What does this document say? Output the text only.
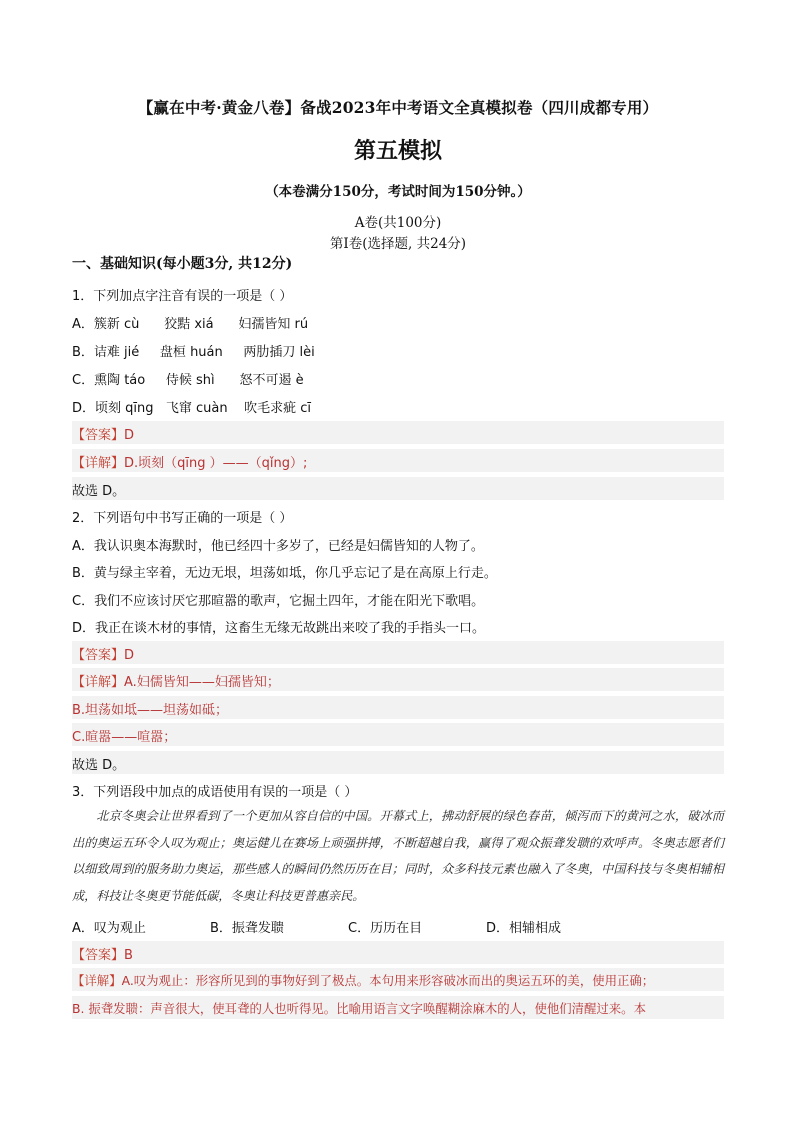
【赢在中考·黄金八卷】备战2023年中考语文全真模拟卷（四川成都专用）
第五模拟
（本卷满分150分，考试时间为150分钟。）
A卷(共100分)
第Ⅰ卷(选择题, 共24分)
一、基础知识(每小题3分, 共12分)
1．下列加点字注音有误的一项是（ ）
A．簇新 cù      狡黠 xiá      妇孺皆知 rú
B．诘难 jié     盘桓 huán     两肋插刀 lèi
C．熏陶 táo     侍候 shì      怒不可遏 è
D．顷刻 qīng   飞窜 cuàn    吹毛求疵 cī
【答案】D
【详解】D.顷刻（qīng ）——（qǐng）;
故选 D。
2．下列语句中书写正确的一项是（ ）
A．我认识奥本海默时，他已经四十多岁了，已经是妇儒皆知的人物了。
B．黄与绿主宰着，无边无垠，坦荡如坻，你几乎忘记了是在高原上行走。
C．我们不应该讨厌它那暄嚣的歌声，它掘土四年，才能在阳光下歌唱。
D．我正在谈木材的事情，这畜生无缘无故跳出来咬了我的手指头一口。
【答案】D
【详解】A.妇儒皆知——妇孺皆知；
B.坦荡如坻——坦荡如砥；
C.暄嚣——喧嚣；
故选 D。
3．下列语段中加点的成语使用有误的一项是（ ）
北京冬奥会让世界看到了一个更加从容自信的中国。开幕式上，拂动舒展的绿色春苗，倾泻而下的黄河之水，破冰而出的奥运五环令人叹为观止；奥运健儿在赛场上顽强拼搏，不断超越自我，赢得了观众振聋发聩的欢呼声。冬奥志愿者们以细致周到的服务助力奥运，那些感人的瞬间仍然历历在目；同时，众多科技元素也融入了冬奥，中国科技与冬奥相辅相成，科技让冬奥更节能低碳，冬奥让科技更普惠亲民。
A．叹为观止	B．振聋发聩	C．历历在目	D．相辅相成
【答案】B
【详解】A.叹为观止：形容所见到的事物好到了极点。本句用来形容破冰而出的奥运五环的美，使用正确；
B. 振聋发聩：声音很大，使耳聋的人也听得见。比喻用语言文字唤醒糊涂麻木的人，使他们清醒过来。本
